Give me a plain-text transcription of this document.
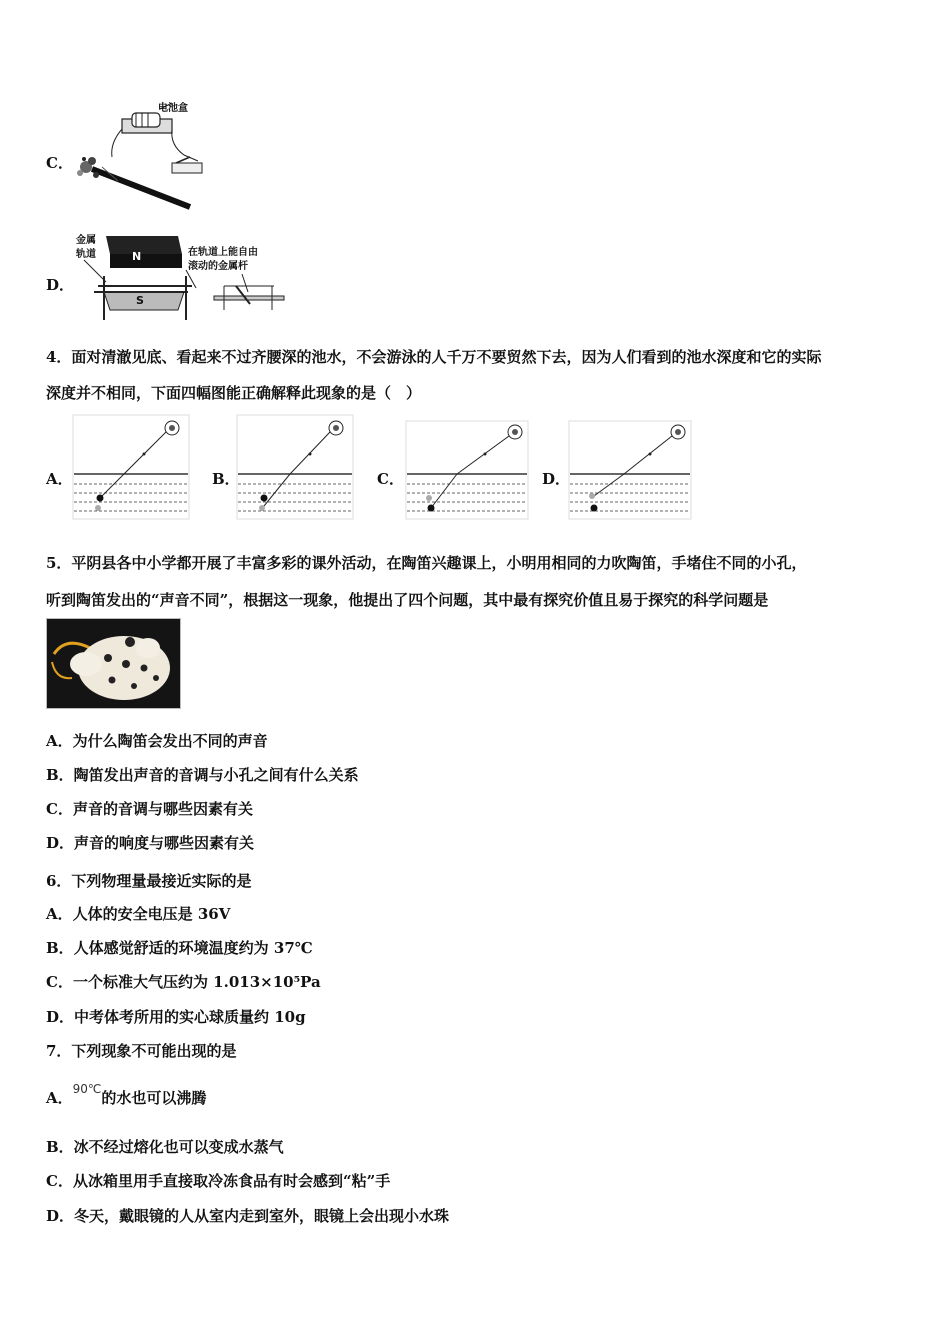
C．
电池盒
D．
金属
轨道	N
S
在轨道上能自由
滚动的金属杆
4．面对清澈见底、看起来不过齐腰深的池水，不会游泳的人千万不要贸然下去，因为人们看到的池水深度和它的实际
深度并不相同，下面四幅图能正确解释此现象的是（　）
A．	B．	C．	D．
5．平阴县各中小学都开展了丰富多彩的课外活动，在陶笛兴趣课上，小明用相同的力吹陶笛，手堵住不同的小孔，
听到陶笛发出的“声音不同”，根据这一现象，他提出了四个问题，其中最有探究价值且易于探究的科学问题是
A．为什么陶笛会发出不同的声音
B．陶笛发出声音的音调与小孔之间有什么关系
C．声音的音调与哪些因素有关
D．声音的响度与哪些因素有关
6．下列物理量最接近实际的是
A．人体的安全电压是 36V
B．人体感觉舒适的环境温度约为 37℃
C．一个标准大气压约为 1.013×10⁵Pa
D．中考体考所用的实心球质量约 10g
7．下列现象不可能出现的是
A．$^{90℃}$的水也可以沸腾
B．冰不经过熔化也可以变成水蒸气
C．从冰箱里用手直接取冷冻食品有时会感到“粘”手
D．冬天，戴眼镜的人从室内走到室外，眼镜上会出现小水珠
